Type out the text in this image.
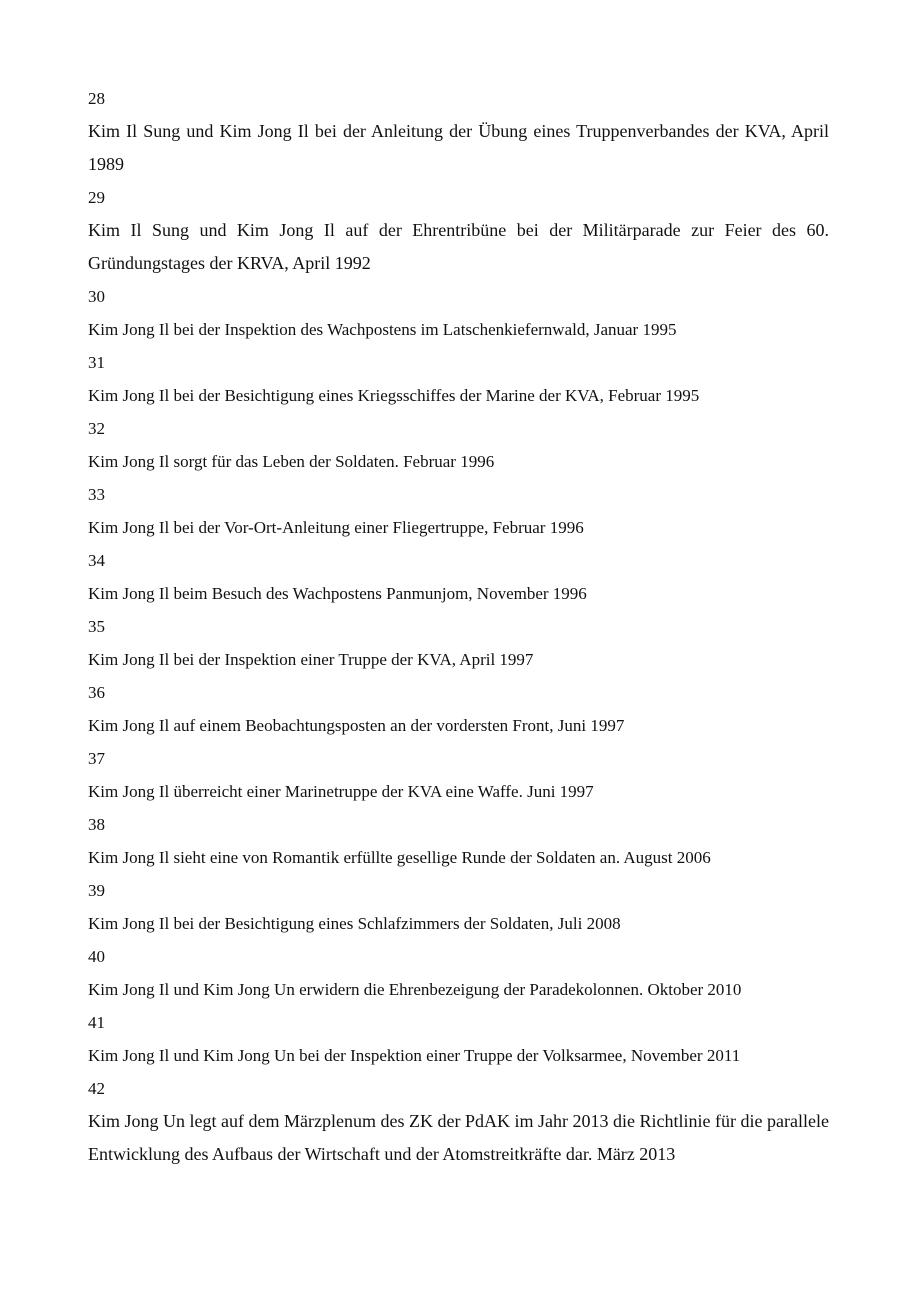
28
Kim Il Sung und Kim Jong Il bei der Anleitung der Übung eines Truppenverbandes der KVA, April 1989
29
Kim Il Sung und Kim Jong Il auf der Ehrentribüne bei der Militärparade zur Feier des 60. Gründungstages der KRVA, April 1992
30
Kim Jong Il bei der Inspektion des Wachpostens im Latschenkiefernwald, Januar 1995
31
Kim Jong Il bei der Besichtigung eines Kriegsschiffes der Marine der KVA, Februar 1995
32
Kim Jong Il sorgt für das Leben der Soldaten. Februar 1996
33
Kim Jong Il bei der Vor-Ort-Anleitung einer Fliegertruppe, Februar 1996
34
Kim Jong Il beim Besuch des Wachpostens Panmunjom, November 1996
35
Kim Jong Il bei der Inspektion einer Truppe der KVA, April 1997
36
Kim Jong Il auf einem Beobachtungsposten an der vordersten Front, Juni 1997
37
Kim Jong Il überreicht einer Marinetruppe der KVA eine Waffe. Juni 1997
38
Kim Jong Il sieht eine von Romantik erfüllte gesellige Runde der Soldaten an. August 2006
39
Kim Jong Il bei der Besichtigung eines Schlafzimmers der Soldaten, Juli 2008
40
Kim Jong Il und Kim Jong Un erwidern die Ehrenbezeigung der Paradekolonnen. Oktober 2010
41
Kim Jong Il und Kim Jong Un bei der Inspektion einer Truppe der Volksarmee, November 2011
42
Kim Jong Un legt auf dem Märzplenum des ZK der PdAK im Jahr 2013 die Richtlinie für die parallele Entwicklung des Aufbaus der Wirtschaft und der Atomstreitkräfte dar. März 2013
